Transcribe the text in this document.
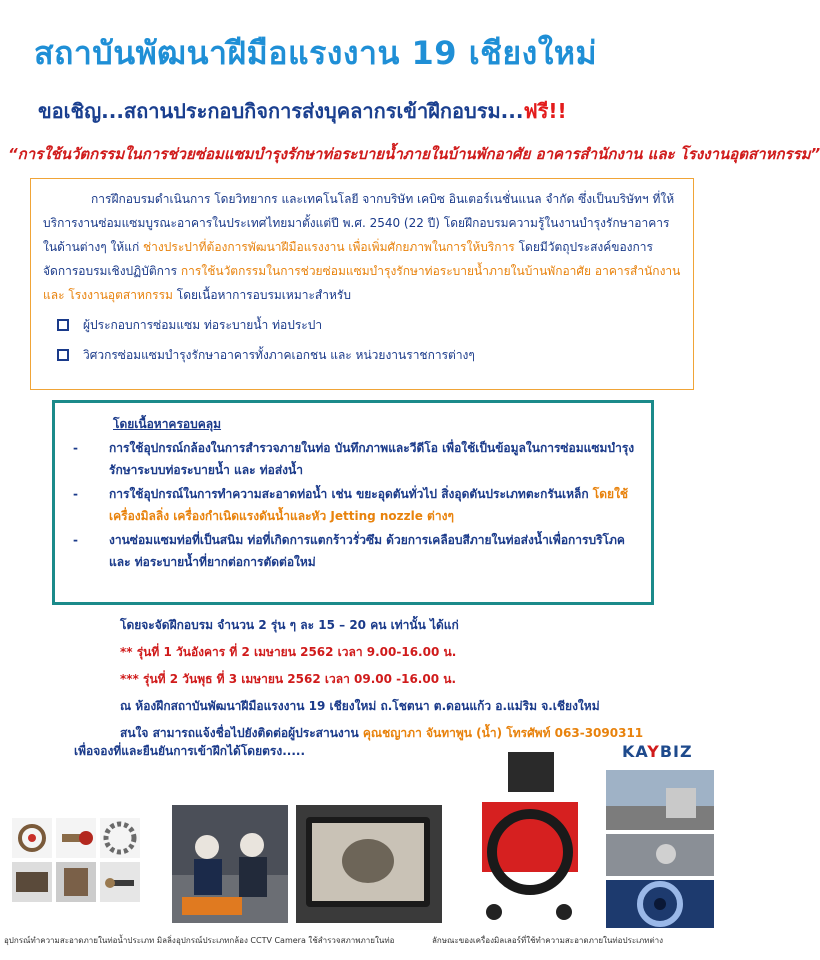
สถาบันพัฒนาฝีมือแรงงาน 19 เชียงใหม่
ขอเชิญ...สถานประกอบกิจการส่งบุคลากรเข้าฝึกอบรม...ฟรี!!
“การใช้นวัตกรรมในการช่วยซ่อมแซมบำรุงรักษาท่อระบายน้ำภายในบ้านพักอาศัย อาคารสำนักงาน และ โรงงานอุตสาหกรรม”

การฝึกอบรมดำเนินการ โดยวิทยากร และเทคโนโลยี จากบริษัท เคบิซ อินเตอร์เนชั่นแนล จำกัด ซึ่งเป็นบริษัทฯ ที่ให้บริการงานซ่อมแซมบูรณะอาคารในประเทศไทยมาตั้งแต่ปี พ.ศ. 2540 (22 ปี) โดยฝึกอบรมความรู้ในงานบำรุงรักษาอาคารในด้านต่างๆ ให้แก่ ช่างประปาที่ต้องการพัฒนาฝีมือแรงงาน เพื่อเพิ่มศักยภาพในการให้บริการ โดยมีวัตถุประสงค์ของการจัดการอบรมเชิงปฏิบัติการ การใช้นวัตกรรมในการช่วยซ่อมแซมบำรุงรักษาท่อระบายน้ำภายในบ้านพักอาศัย อาคารสำนักงาน และ โรงงานอุตสาหกรรม โดยเนื้อหาการอบรมเหมาะสำหรับ

ผู้ประกอบการซ่อมแซม ท่อระบายน้ำ ท่อประปา
วิศวกรซ่อมแซมบำรุงรักษาอาคารทั้งภาคเอกชน และ หน่วยงานราชการต่างๆ
โดยเนื้อหาครอบคลุม
-	การใช้อุปกรณ์กล้องในการสำรวจภายในท่อ บันทึกภาพและวีดีโอ เพื่อใช้เป็นข้อมูลในการซ่อมแซมบำรุงรักษาระบบท่อระบายน้ำ และ ท่อส่งน้ำ
-	การใช้อุปกรณ์ในการทำความสะอาดท่อน้ำ เช่น ขยะอุดตันทั่วไป สิ่งอุดตันประเภทตะกรันเหล็ก โดยใช้เครื่องมิลลิ่ง เครื่องกำเนิดแรงดันน้ำและหัว Jetting nozzle ต่างๆ
-	งานซ่อมแซมท่อที่เป็นสนิม ท่อที่เกิดการแตกร้าวรั่วซึม ด้วยการเคลือบสีภายในท่อส่งน้ำเพื่อการบริโภค และ ท่อระบายน้ำที่ยากต่อการตัดต่อใหม่
โดยจะจัดฝึกอบรม จำนวน 2 รุ่น ๆ ละ 15 – 20 คน เท่านั้น ได้แก่
** รุ่นที่ 1 วันอังคาร ที่ 2 เมษายน 2562 เวลา 9.00-16.00 น.
*** รุ่นที่ 2 วันพุธ ที่ 3 เมษายน 2562 เวลา 09.00 -16.00 น.
ณ ห้องฝึกสถาบันพัฒนาฝีมือแรงงาน 19 เชียงใหม่ ถ.โชตนา ต.ดอนแก้ว อ.แม่ริม จ.เชียงใหม่
สนใจ สามารถแจ้งชื่อไปยังติดต่อผู้ประสานงาน คุณชญาภา จันทาพูน (น้ำ) โทรศัพท์ 063-3090311
เพื่อจองที่และยืนยันการเข้าฝึกได้โดยตรง.....	KAYBIZ
อุปกรณ์ทำความสะอาดภายในท่อน้ำประเภท มิลลิ่ง อุปกรณ์ประเภทกล้อง CCTV Camera ใช้สำรวจสภาพภายในท่อ	ลักษณะของเครื่องมิลเลอร์ที่ใช้ทำความสะอาดภายในท่อประเภทต่าง
